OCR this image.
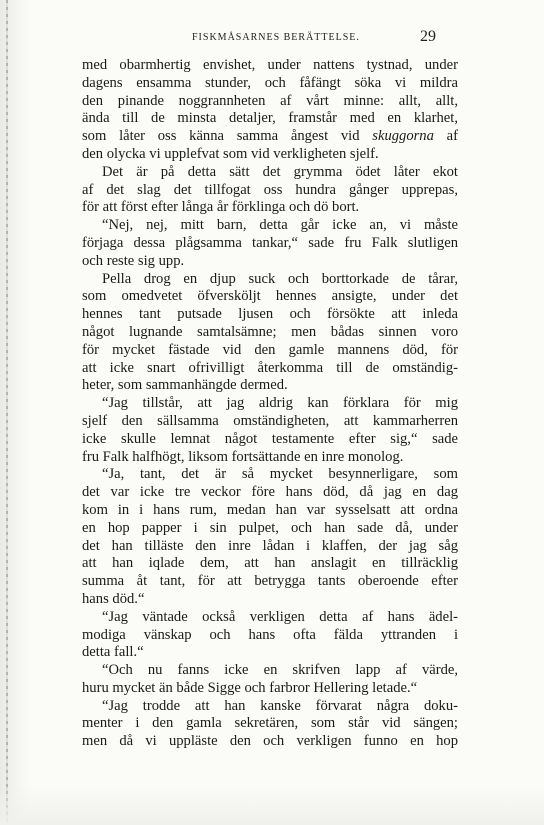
FISKMÅSARNES BERÄTTELSE.	29
med obarmhertig envishet, under nattens tystnad, under
dagens ensamma stunder, och fåfängt söka vi mildra
den pinande noggrannheten af vårt minne: allt, allt,
ända till de minsta detaljer, framstår med en klarhet,
som låter oss känna samma ångest vid skuggorna af
den olycka vi upplefvat som vid verkligheten sjelf.
Det är på detta sätt det grymma ödet låter ekot
af det slag det tillfogat oss hundra gånger upprepas,
för att först efter långa år förklinga och dö bort.
“Nej, nej, mitt barn, detta går icke an, vi måste
förjaga dessa plågsamma tankar,“ sade fru Falk slutligen
och reste sig upp.
Pella drog en djup suck och borttorkade de tårar,
som omedvetet öfversköljt hennes ansigte, under det
hennes tant putsade ljusen och försökte att inleda
något lugnande samtalsämne; men bådas sinnen voro
för mycket fästade vid den gamle mannens död, för
att icke snart ofrivilligt återkomma till de omständig-
heter, som sammanhängde dermed.
“Jag tillstår, att jag aldrig kan förklara för mig
sjelf den sällsamma omständigheten, att kammarherren
icke skulle lemnat något testamente efter sig,“ sade
fru Falk halfhögt, liksom fortsättande en inre monolog.
“Ja, tant, det är så mycket besynnerligare, som
det var icke tre veckor före hans död, då jag en dag
kom in i hans rum, medan han var sysselsatt att ordna
en hop papper i sin pulpet, och han sade då, under
det han tilläste den inre lådan i klaffen, der jag såg
att han iqlade dem, att han anslagit en tillräcklig
summa åt tant, för att betrygga tants oberoende efter
hans död.“
“Jag väntade också verkligen detta af hans ädel-
modiga vänskap och hans ofta fälda yttranden i
detta fall.“
“Och nu fanns icke en skrifven lapp af värde,
huru mycket än både Sigge och farbror Hellering letade.“
“Jag trodde att han kanske förvarat några doku-
menter i den gamla sekretären, som står vid sängen;
men då vi uppläste den och verkligen funno en hop
